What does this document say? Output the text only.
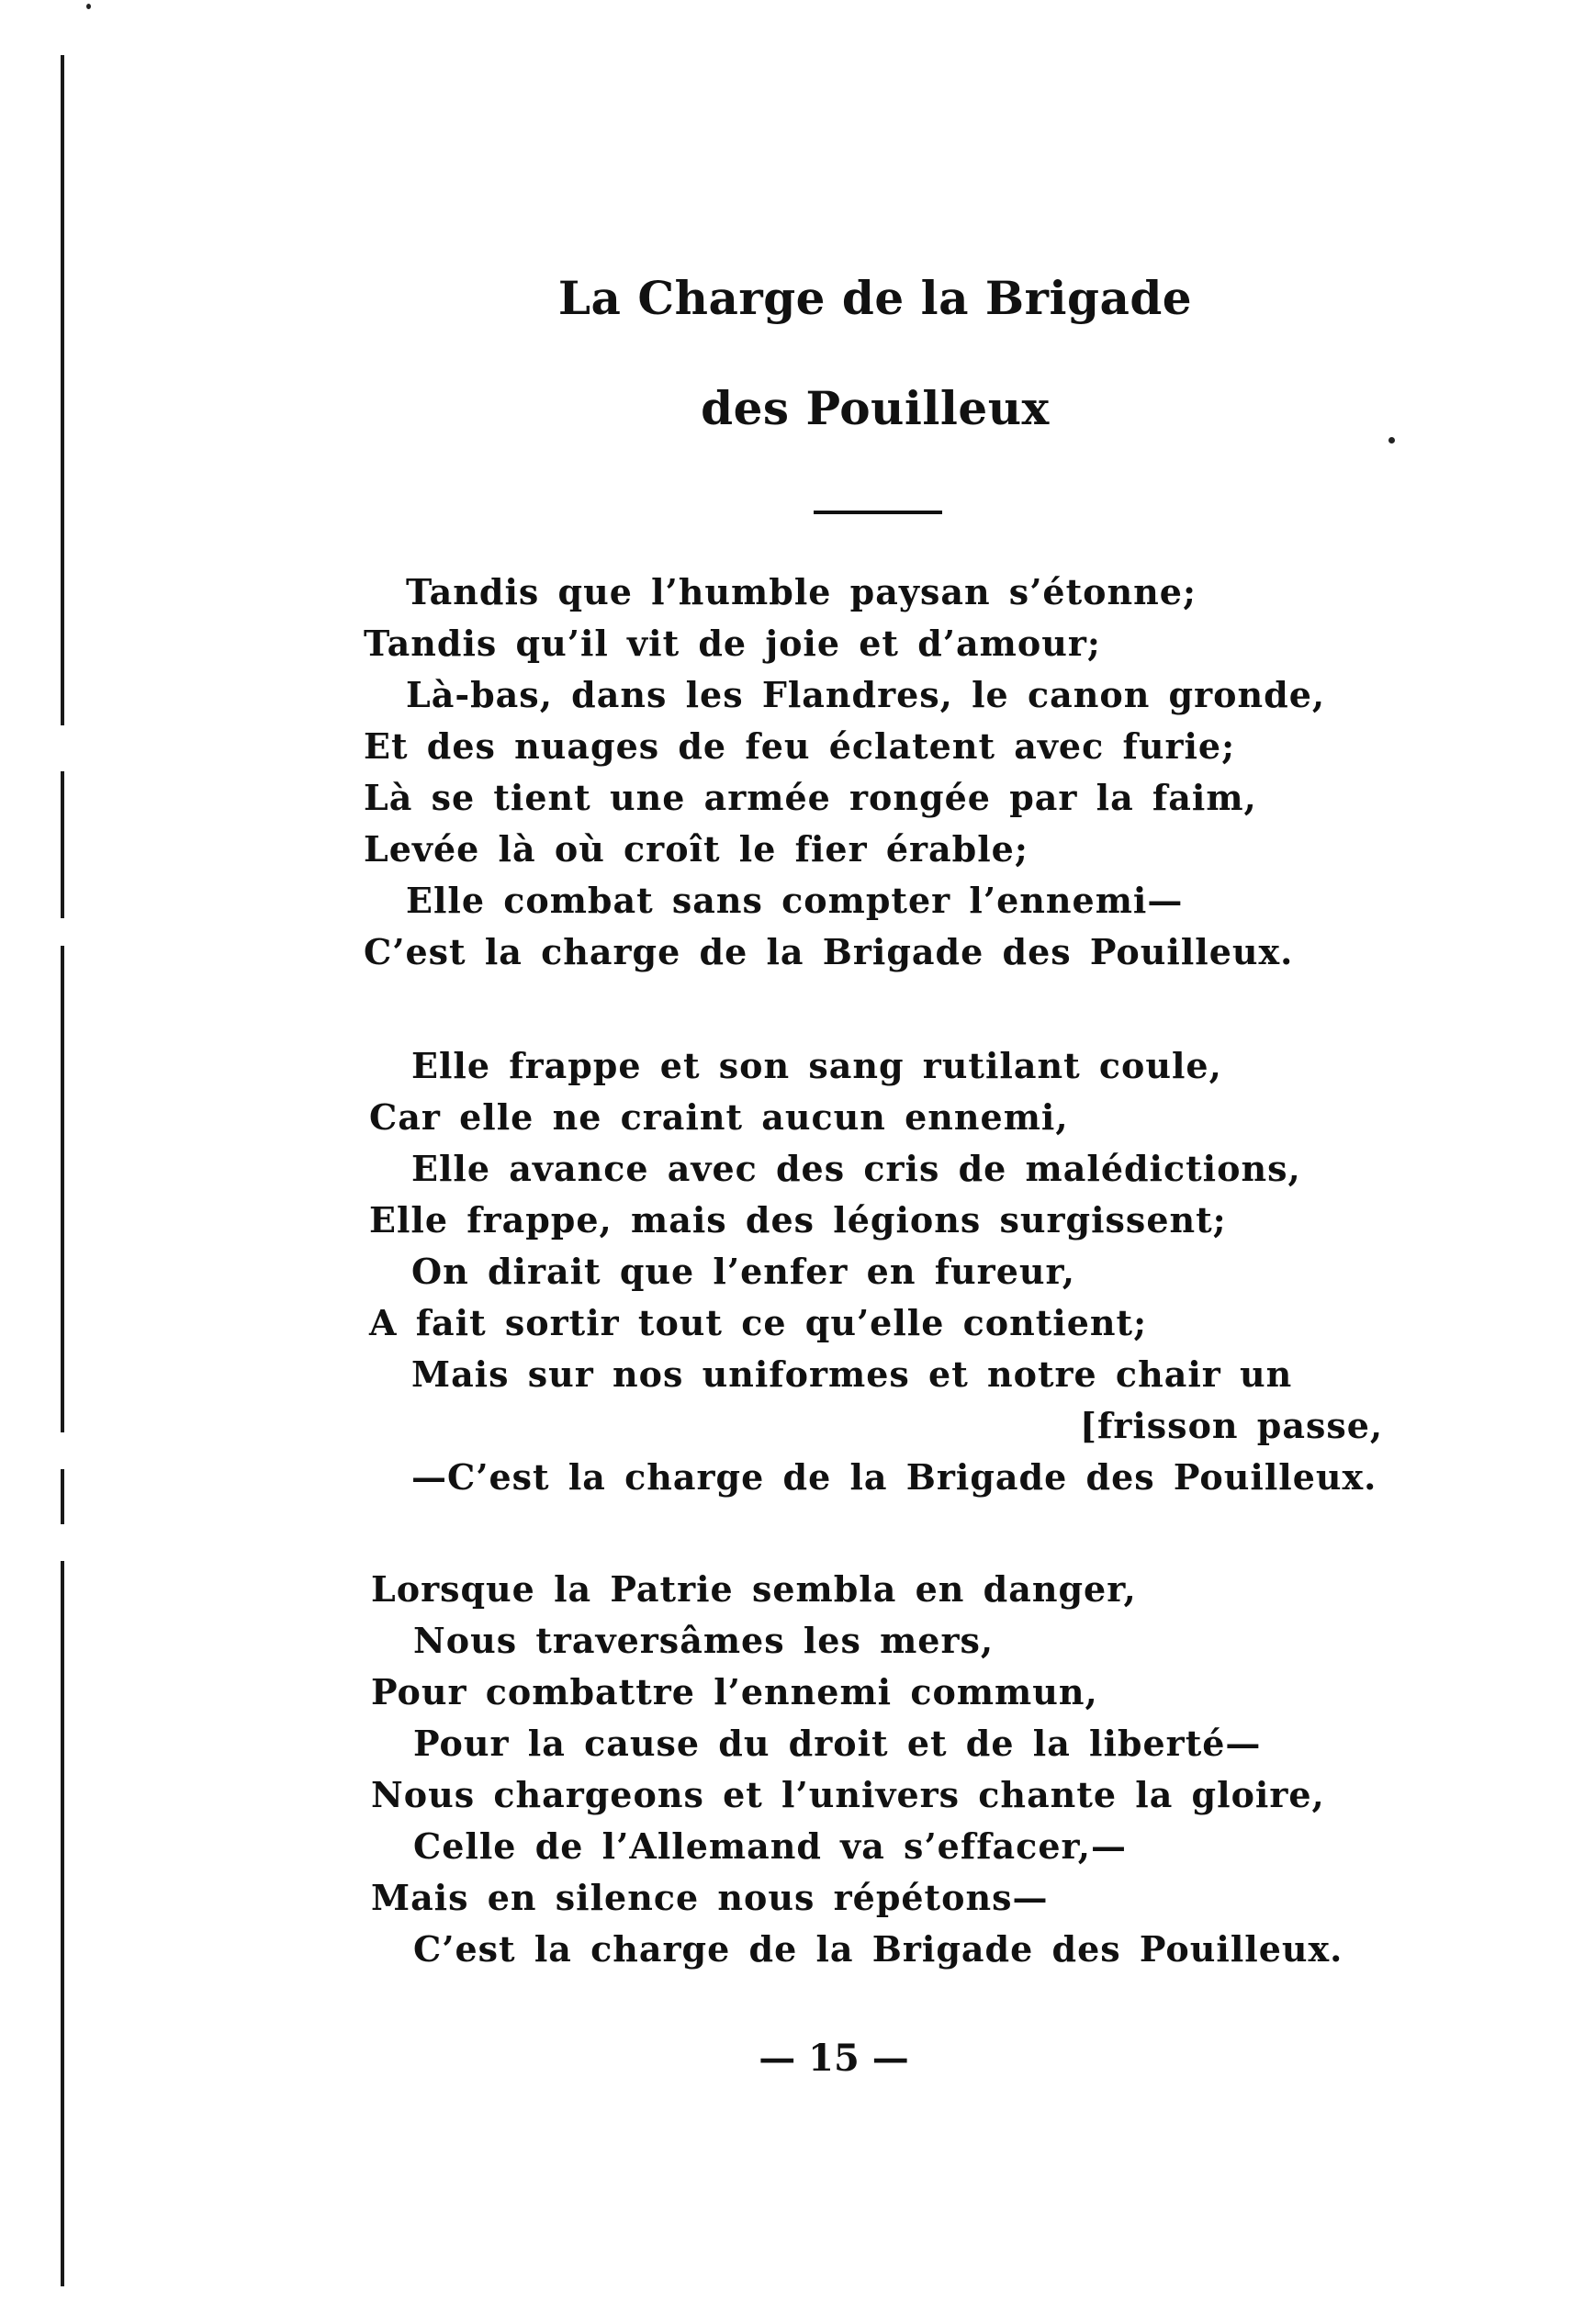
La Charge de la Brigade
des Pouilleux
Tandis que l’humble paysan s’étonne;
Tandis qu’il vit de joie et d’amour;
Là-bas, dans les Flandres, le canon gronde,
Et des nuages de feu éclatent avec furie;
Là se tient une armée rongée par la faim,
Levée là où croît le fier érable;
Elle combat sans compter l’ennemi—
C’est la charge de la Brigade des Pouilleux.
Elle frappe et son sang rutilant coule,
Car elle ne craint aucun ennemi,
Elle avance avec des cris de malédictions,
Elle frappe, mais des légions surgissent;
On dirait que l’enfer en fureur,
A fait sortir tout ce qu’elle contient;
Mais sur nos uniformes et notre chair un
[frisson passe,
—C’est la charge de la Brigade des Pouilleux.
Lorsque la Patrie sembla en danger,
Nous traversâmes les mers,
Pour combattre l’ennemi commun,
Pour la cause du droit et de la liberté—
Nous chargeons et l’univers chante la gloire,
Celle de l’Allemand va s’effacer,—
Mais en silence nous répétons—
C’est la charge de la Brigade des Pouilleux.
— 15 —
